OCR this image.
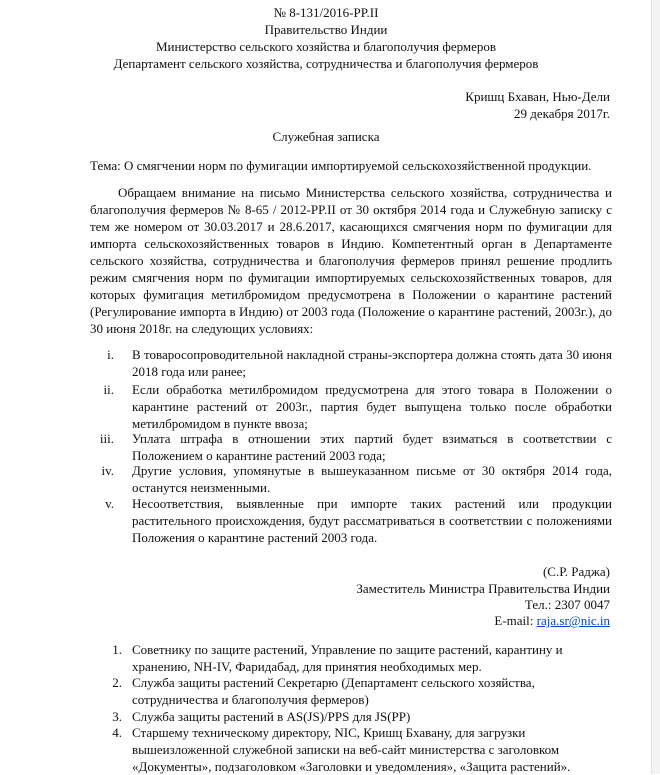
№ 8-131/2016-PP.II
Правительство Индии
Министерство сельского хозяйства и благополучия фермеров
Департамент сельского хозяйства, сотрудничества и благополучия фермеров
Кришц Бхаван, Нью-Дели
29 декабря 2017г.
Служебная записка
Тема: О смягчении норм по фумигации импортируемой сельскохозяйственной продукции.

Обращаем внимание на письмо Министерства сельского хозяйства, сотрудничества и благополучия фермеров № 8-65 / 2012-PP.II от 30 октября 2014 года и Служебную записку с тем же номером от 30.03.2017 и 28.6.2017, касающихся смягчения норм по фумигации для импорта сельскохозяйственных товаров в Индию. Компетентный орган в Департаменте сельского хозяйства, сотрудничества и благополучия фермеров принял решение продлить режим смягчения норм по фумигации импортируемых сельскохозяйственных товаров, для которых фумигация метилбромидом предусмотрена в Положении о карантине растений (Регулирование импорта в Индию) от 2003 года (Положение о карантине растений, 2003г.), до 30 июня 2018г. на следующих условиях:

i. В товаросопроводительной накладной страны-экспортера должна стоять дата 30 июня 2018 года или ранее;

ii. Если обработка метилбромидом предусмотрена для этого товара в Положении о карантине растений от 2003г., партия будет выпущена только после обработки метилбромидом в пункте ввоза;

iii. Уплата штрафа в отношении этих партий будет взиматься в соответствии с Положением о карантине растений 2003 года;

iv. Другие условия, упомянутые в вышеуказанном письме от 30 октября 2014 года, останутся неизменными.

v. Несоответствия, выявленные при импорте таких растений или продукции растительного происхождения, будут рассматриваться в соответствии с положениями Положения о карантине растений 2003 года.

(С.Р. Раджа)
Заместитель Министра Правительства Индии
Тел.: 2307 0047
E-mail: raja.sr@nic.in
1. Советнику по защите растений, Управление по защите растений, карантину и хранению, NH-IV, Фаридабад, для принятия необходимых мер.

2. Служба защиты растений Секретарю (Департамент сельского хозяйства, сотрудничества и благополучия фермеров)

3. Служба защиты растений в AS(JS)/PPS для JS(PP)

4. Старшему техническому директору, NIC, Кришц Бхавану, для загрузки вышеизложенной служебной записки на веб-сайт министерства с заголовком «Документы», подзаголовком «Заголовки и уведомления», «Защита растений».
